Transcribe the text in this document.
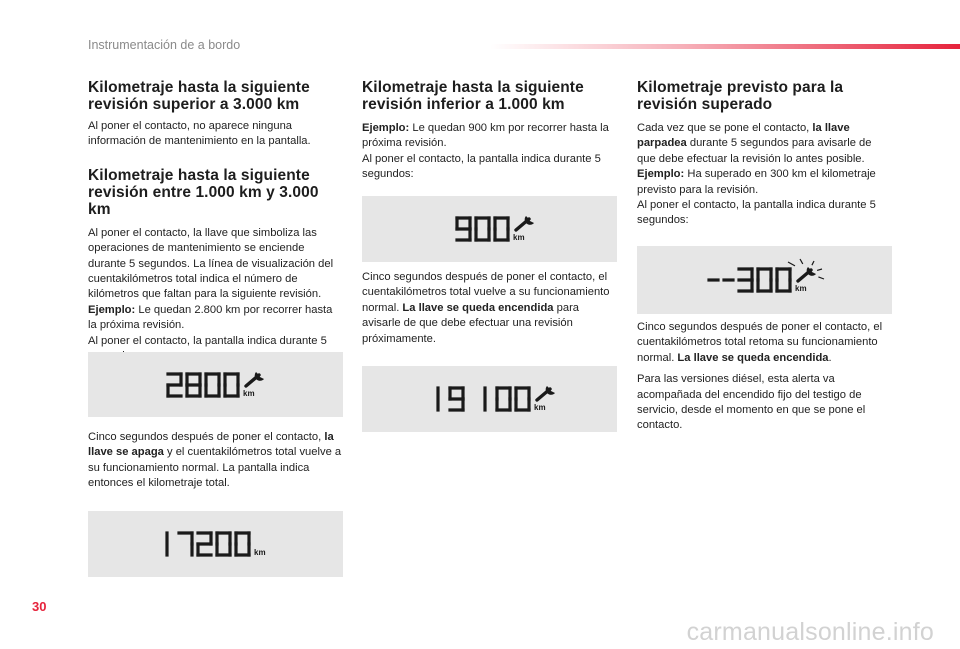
Instrumentación de a bordo
Kilometraje hasta la siguiente revisión superior a 3.000 km

Al poner el contacto, no aparece ninguna información de mantenimiento en la pantalla.

Kilometraje hasta la siguiente revisión entre 1.000 km y 3.000 km

Al poner el contacto, la llave que simboliza las operaciones de mantenimiento se enciende durante 5 segundos. La línea de visualización del cuentakilómetros total indica el número de kilómetros que faltan para la siguiente revisión.
Ejemplo: Le quedan 2.800 km por recorrer hasta la próxima revisión.
Al poner el contacto, la pantalla indica durante 5

km

Cinco segundos después de poner el contacto, la llave se apaga y el cuentakilómetros total vuelve a su funcionamiento normal. La pantalla indica entonces el kilometraje total.

km
Kilometraje hasta la siguiente revisión inferior a 1.000 km

Ejemplo: Le quedan 900 km por recorrer hasta la próxima revisión.
Al poner el contacto, la pantalla indica durante 5 segundos:

km

Cinco segundos después de poner el contacto, el cuentakilómetros total vuelve a su funcionamiento normal. La llave se queda encendida para avisarle de que debe efectuar una revisión próximamente.

km
Kilometraje previsto para la revisión superado

Cada vez que se pone el contacto, la llave parpadea durante 5 segundos para avisarle de que debe efectuar la revisión lo antes posible.
Ejemplo: Ha superado en 300 km el kilometraje previsto para la revisión.
Al poner el contacto, la pantalla indica durante 5 segundos:

km

Cinco segundos después de poner el contacto, el cuentakilómetros total retoma su funcionamiento normal. La llave se queda encendida.

Para las versiones diésel, esta alerta va acompañada del encendido fijo del testigo de servicio, desde el momento en que se pone el contacto.

30
carmanualsonline.info
